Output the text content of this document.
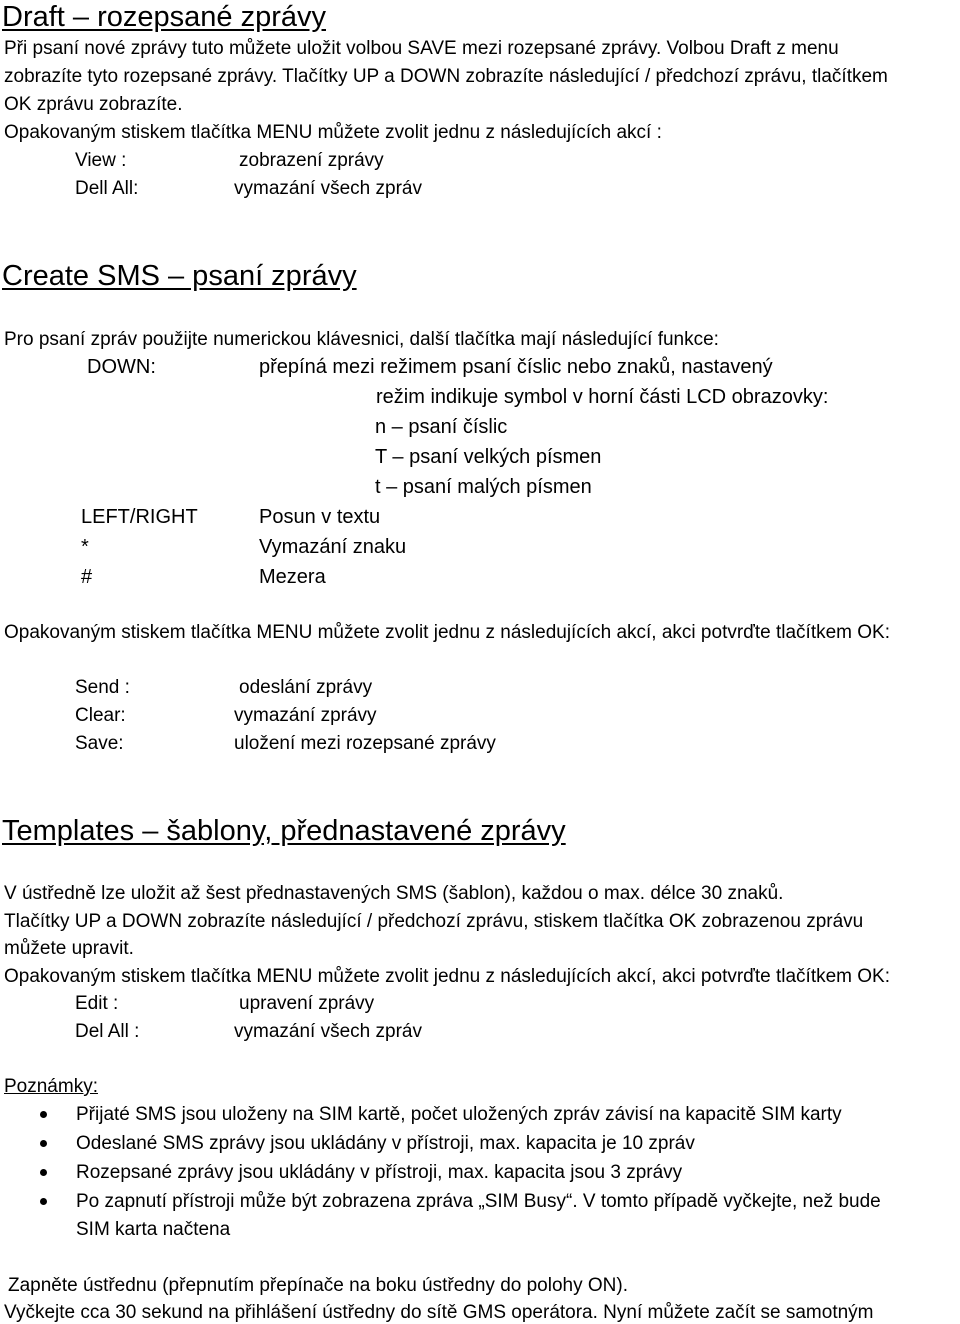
Draft – rozepsané zprávy
Při psaní nové zprávy tuto můžete uložit volbou SAVE mezi rozepsané zprávy. Volbou Draft z menu
zobrazíte tyto rozepsané zprávy. Tlačítky UP a DOWN zobrazíte následující / předchozí zprávu, tlačítkem
OK zprávu zobrazíte.
Opakovaným stiskem tlačítka MENU můžete zvolit jednu z následujících akcí :
View :	zobrazení zprávy
Dell All:	vymazání všech zpráv
Create SMS – psaní zprávy
Pro psaní zpráv použijte numerickou klávesnici, další tlačítka mají následující funkce:
DOWN:	přepíná mezi režimem psaní číslic nebo znaků, nastavený
režim indikuje symbol v horní části LCD obrazovky:
n – psaní číslic
T – psaní velkých písmen
t – psaní malých písmen
LEFT/RIGHT	Posun v textu
*	Vymazání znaku
#	Mezera
Opakovaným stiskem tlačítka MENU můžete zvolit jednu z následujících akcí, akci potvrďte tlačítkem OK:
Send :	odeslání zprávy
Clear:	vymazání zprávy
Save:	uložení mezi rozepsané zprávy
Templates – šablony, přednastavené zprávy
V ústředně lze uložit až šest přednastavených SMS (šablon), každou o max. délce 30 znaků.
Tlačítky UP a DOWN zobrazíte následující / předchozí zprávu, stiskem tlačítka OK zobrazenou zprávu
můžete upravit.
Opakovaným stiskem tlačítka MENU můžete zvolit jednu z následujících akcí, akci potvrďte tlačítkem OK:
Edit :	upravení zprávy
Del All :	vymazání všech zpráv
Poznámky:
Přijaté SMS jsou uloženy na SIM kartě, počet uložených zpráv závisí na kapacitě SIM karty
Odeslané SMS zprávy jsou ukládány v přístroji, max. kapacita je 10 zpráv
Rozepsané zprávy jsou ukládány v přístroji, max. kapacita jsou 3 zprávy
Po zapnutí přístroji může být zobrazena zpráva „SIM Busy“. V tomto případě vyčkejte, než bude
SIM karta načtena
Zapněte ústřednu (přepnutím přepínače na boku ústředny do polohy ON).
Vyčkejte cca 30 sekund na přihlášení ústředny do sítě GMS operátora. Nyní můžete začít se samotným
